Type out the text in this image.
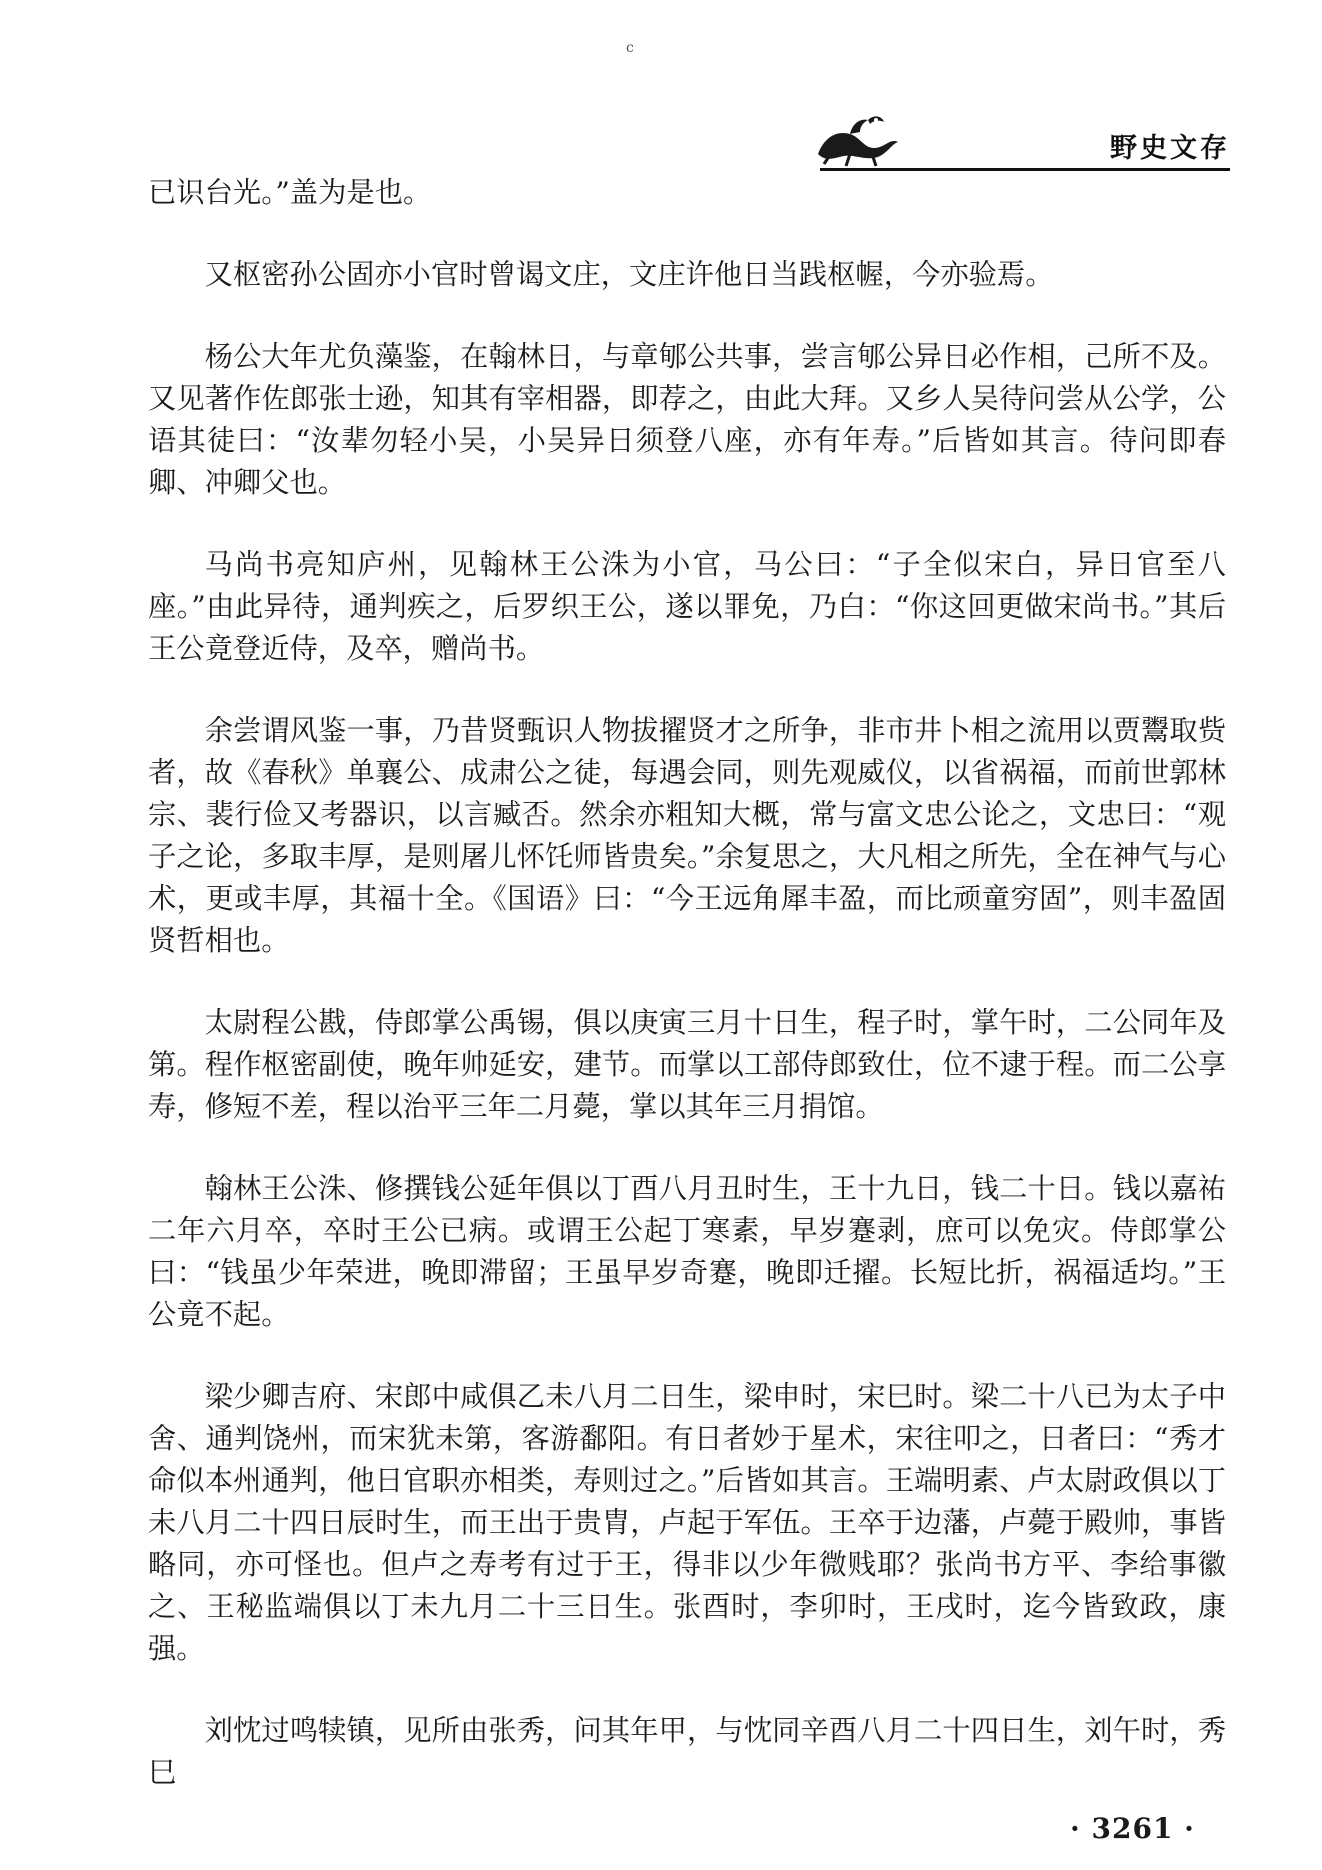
c
野史文存

已识台光。”盖为是也。

又枢密孙公固亦小官时曾谒文庄，文庄许他日当践枢幄，今亦验焉。

杨公大年尤负藻鉴，在翰林日，与章郇公共事，尝言郇公异日必作相，己所不及。又见著作佐郎张士逊，知其有宰相器，即荐之，由此大拜。又乡人吴待问尝从公学，公语其徒曰：“汝辈勿轻小吴，小吴异日须登八座，亦有年寿。”后皆如其言。待问即春卿、冲卿父也。

马尚书亮知庐州，见翰林王公洙为小官，马公曰：“子全似宋白，异日官至八座。”由此异待，通判疾之，后罗织王公，遂以罪免，乃白：“你这回更做宋尚书。”其后王公竟登近侍，及卒，赠尚书。

余尝谓风鉴一事，乃昔贤甄识人物拔擢贤才之所争，非市井卜相之流用以贾鬻取赀者，故《春秋》单襄公、成肃公之徒，每遇会同，则先观威仪，以省祸福，而前世郭林宗、裴行俭又考器识，以言臧否。然余亦粗知大概，常与富文忠公论之，文忠曰：“观子之论，多取丰厚，是则屠儿怀饦师皆贵矣。”余复思之，大凡相之所先，全在神气与心术，更或丰厚，其福十全。《国语》曰：“今王远角犀丰盈，而比顽童穷固”，则丰盈固贤哲相也。

太尉程公戡，侍郎掌公禹锡，俱以庚寅三月十日生，程子时，掌午时，二公同年及第。程作枢密副使，晚年帅延安，建节。而掌以工部侍郎致仕，位不逮于程。而二公享寿，修短不差，程以治平三年二月薨，掌以其年三月捐馆。

翰林王公洙、修撰钱公延年俱以丁酉八月丑时生，王十九日，钱二十日。钱以嘉祐二年六月卒，卒时王公已病。或谓王公起丁寒素，早岁蹇剥，庶可以免灾。侍郎掌公曰：“钱虽少年荣进，晚即滞留；王虽早岁奇蹇，晚即迁擢。长短比折，祸福适均。”王公竟不起。

梁少卿吉府、宋郎中咸俱乙未八月二日生，梁申时，宋巳时。梁二十八已为太子中舍、通判饶州，而宋犹未第，客游鄱阳。有日者妙于星术，宋往叩之，日者曰：“秀才命似本州通判，他日官职亦相类，寿则过之。”后皆如其言。王端明素、卢太尉政俱以丁未八月二十四日辰时生，而王出于贵胄，卢起于军伍。王卒于边藩，卢薨于殿帅，事皆略同，亦可怪也。但卢之寿考有过于王，得非以少年微贱耶？张尚书方平、李给事徽之、王秘监端俱以丁未九月二十三日生。张酉时，李卯时，王戌时，迄今皆致政，康强。

刘忱过鸣犊镇，见所由张秀，问其年甲，与忱同辛酉八月二十四日生，刘午时，秀巳

· 3261 ·
